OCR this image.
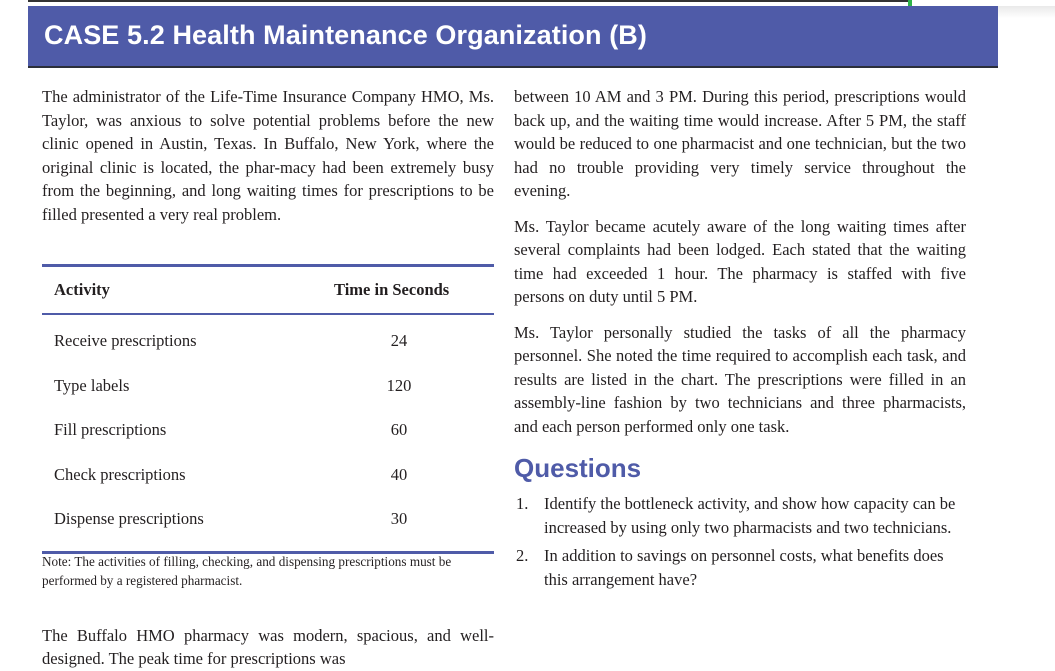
CASE 5.2 Health Maintenance Organization (B)

The administrator of the Life-Time Insurance Company HMO, Ms. Taylor, was anxious to solve potential problems before the new clinic opened in Austin, Texas. In Buffalo, New York, where the original clinic is located, the phar-macy had been extremely busy from the beginning, and long waiting times for prescriptions to be filled presented a very real problem.

Activity	Time in Seconds
Receive prescriptions	24
Type labels	120
Fill prescriptions	60
Check prescriptions	40
Dispense prescriptions	30
Note: The activities of filling, checking, and dispensing prescriptions must be performed by a registered pharmacist.

The Buffalo HMO pharmacy was modern, spacious, and well-designed. The peak time for prescriptions was

between 10 AM and 3 PM. During this period, prescriptions would back up, and the waiting time would increase. After 5 PM, the staff would be reduced to one pharmacist and one technician, but the two had no trouble providing very timely service throughout the evening.

Ms. Taylor became acutely aware of the long waiting times after several complaints had been lodged. Each stated that the waiting time had exceeded 1 hour. The pharmacy is staffed with five persons on duty until 5 PM.

Ms. Taylor personally studied the tasks of all the pharmacy personnel. She noted the time required to accomplish each task, and results are listed in the chart. The prescriptions were filled in an assembly-line fashion by two technicians and three pharmacists, and each person performed only one task.

Questions
1. Identify the bottleneck activity, and show how capacity can be increased by using only two pharmacists and two technicians.
2. In addition to savings on personnel costs, what benefits does this arrangement have?
